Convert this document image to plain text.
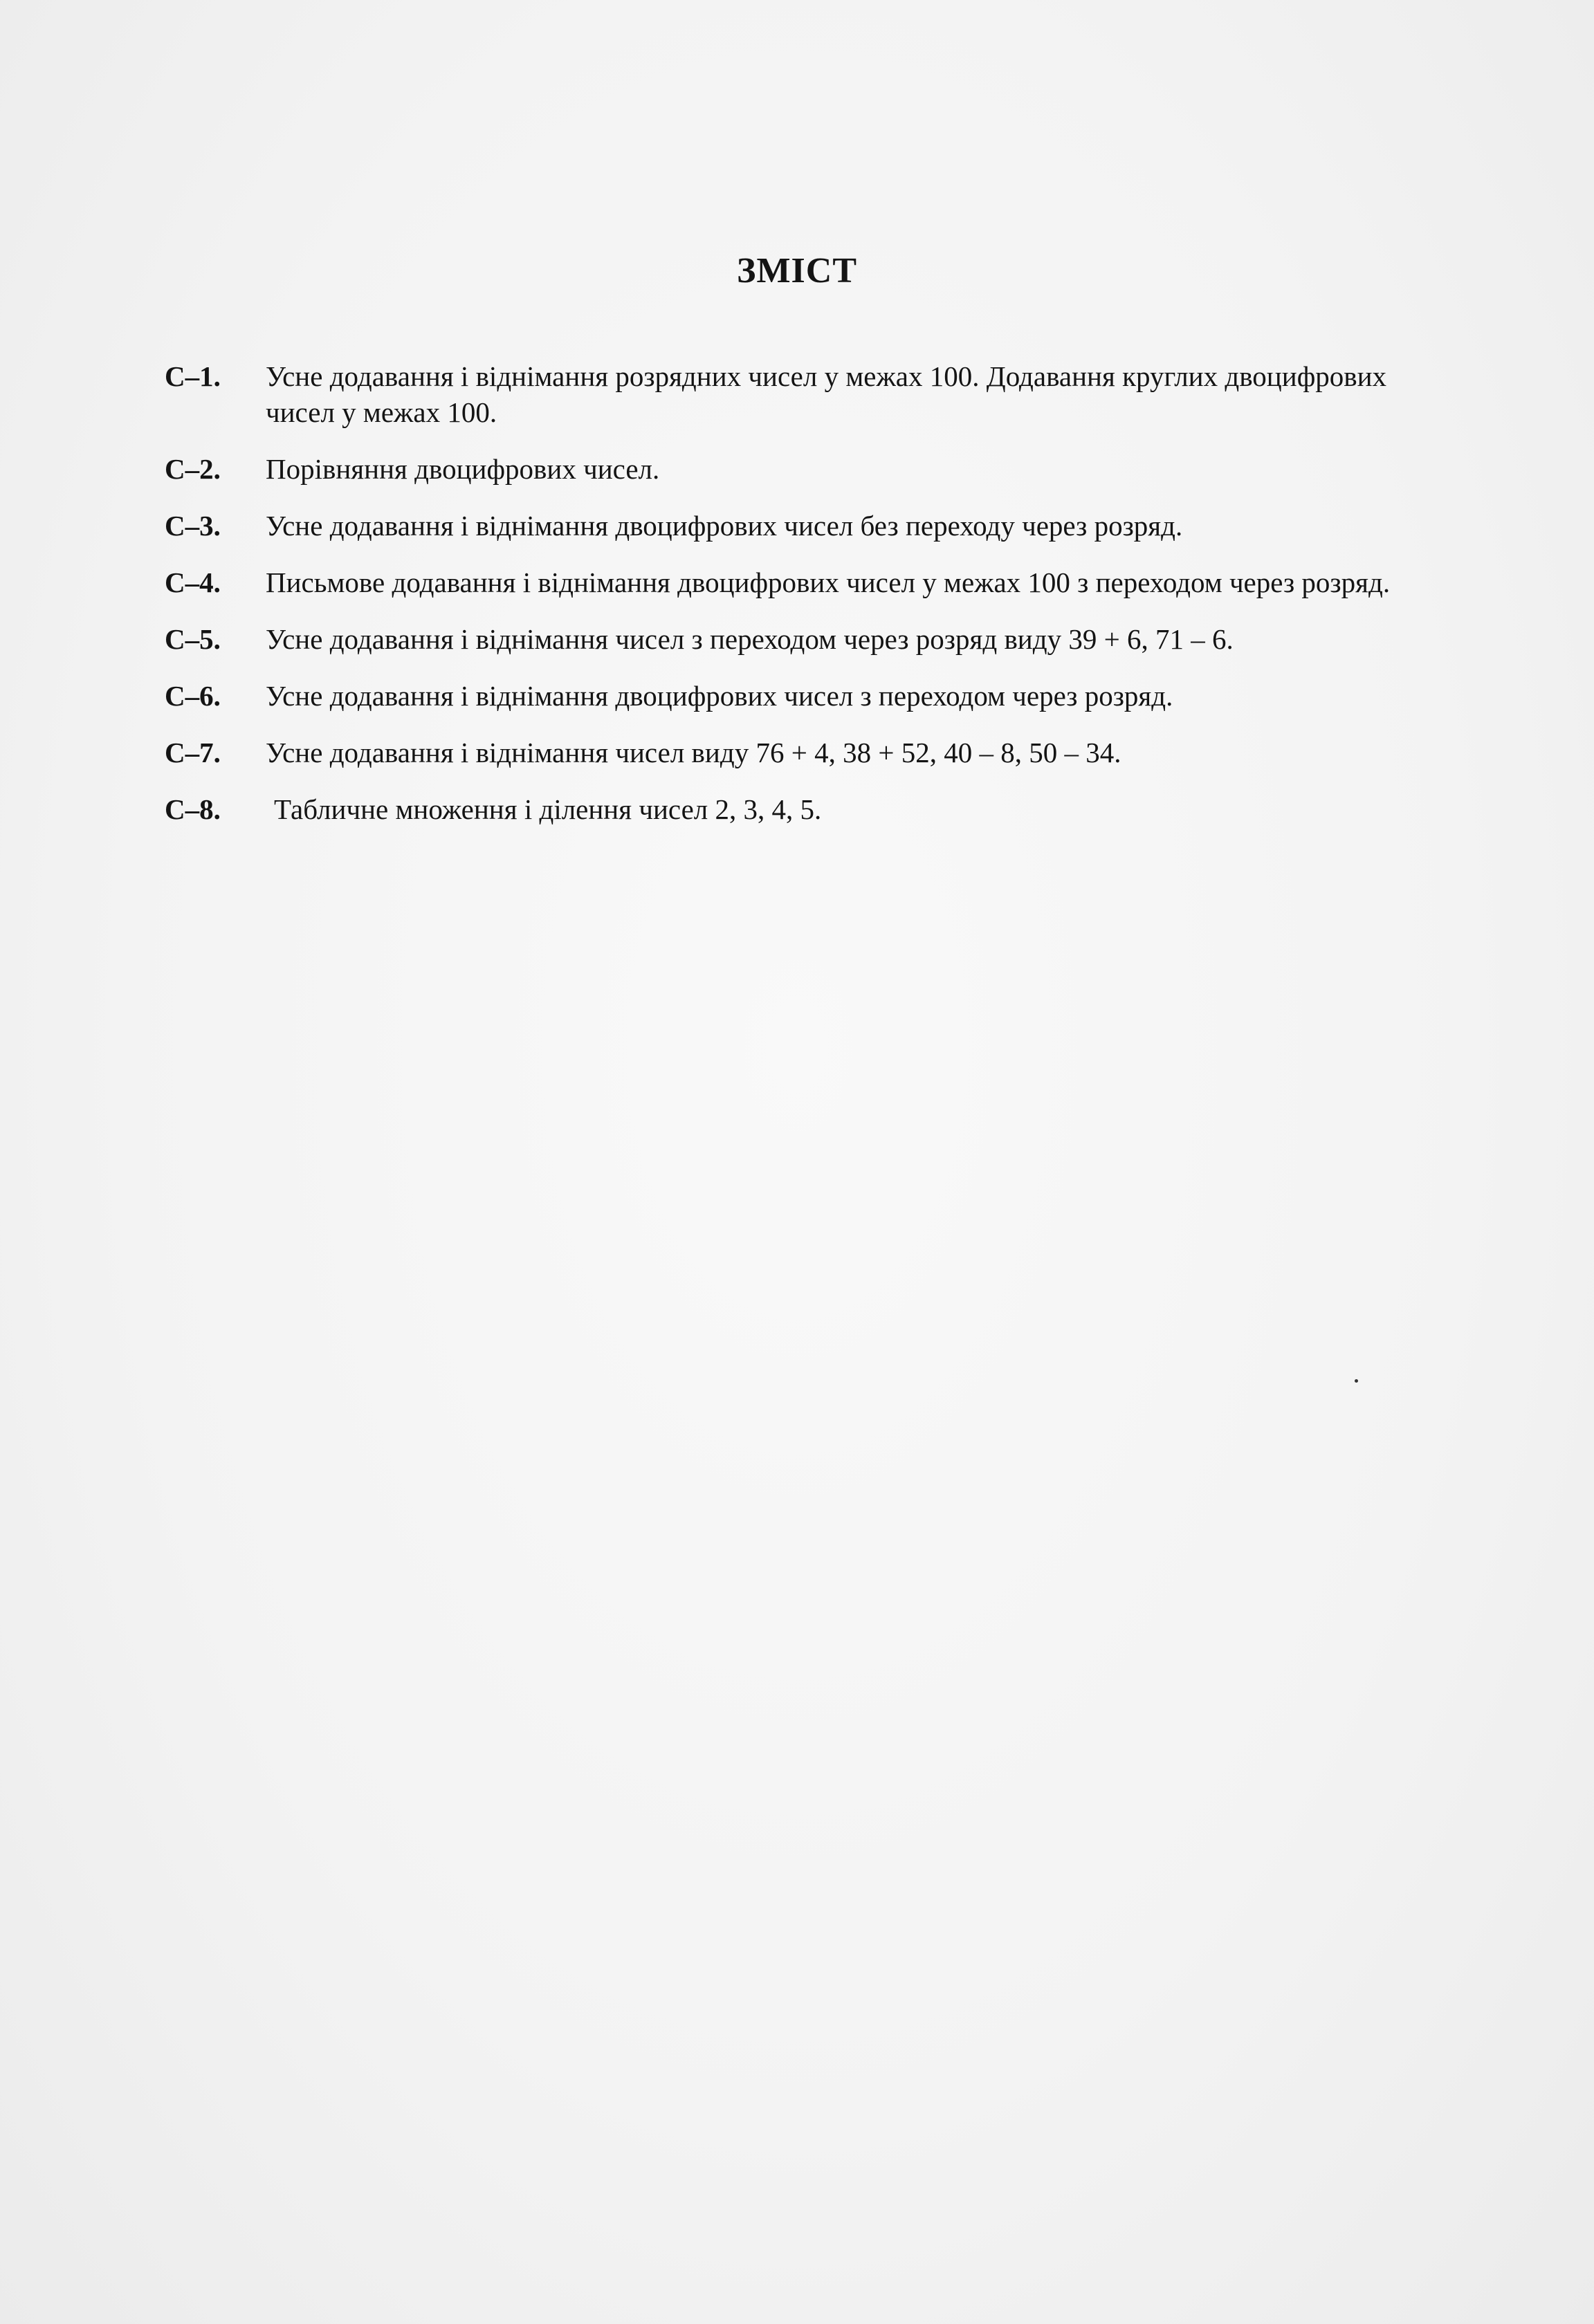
ЗМІСТ
С–1. Усне додавання і віднімання розрядних чисел у межах 100. Додавання круглих двоцифрових чисел у межах 100.
С–2. Порівняння двоцифрових чисел.
С–3. Усне додавання і віднімання двоцифрових чисел без переходу через розряд.
С–4. Письмове додавання і віднімання двоцифрових чисел у межах 100 з переходом через розряд.
С–5. Усне додавання і віднімання чисел з переходом через розряд виду 39 + 6, 71 – 6.
С–6. Усне додавання і віднімання двоцифрових чисел з переходом через розряд.
С–7. Усне додавання і віднімання чисел виду 76 + 4, 38 + 52, 40 – 8, 50 – 34.
С–8. Табличне множення і ділення чисел 2, 3, 4, 5.
